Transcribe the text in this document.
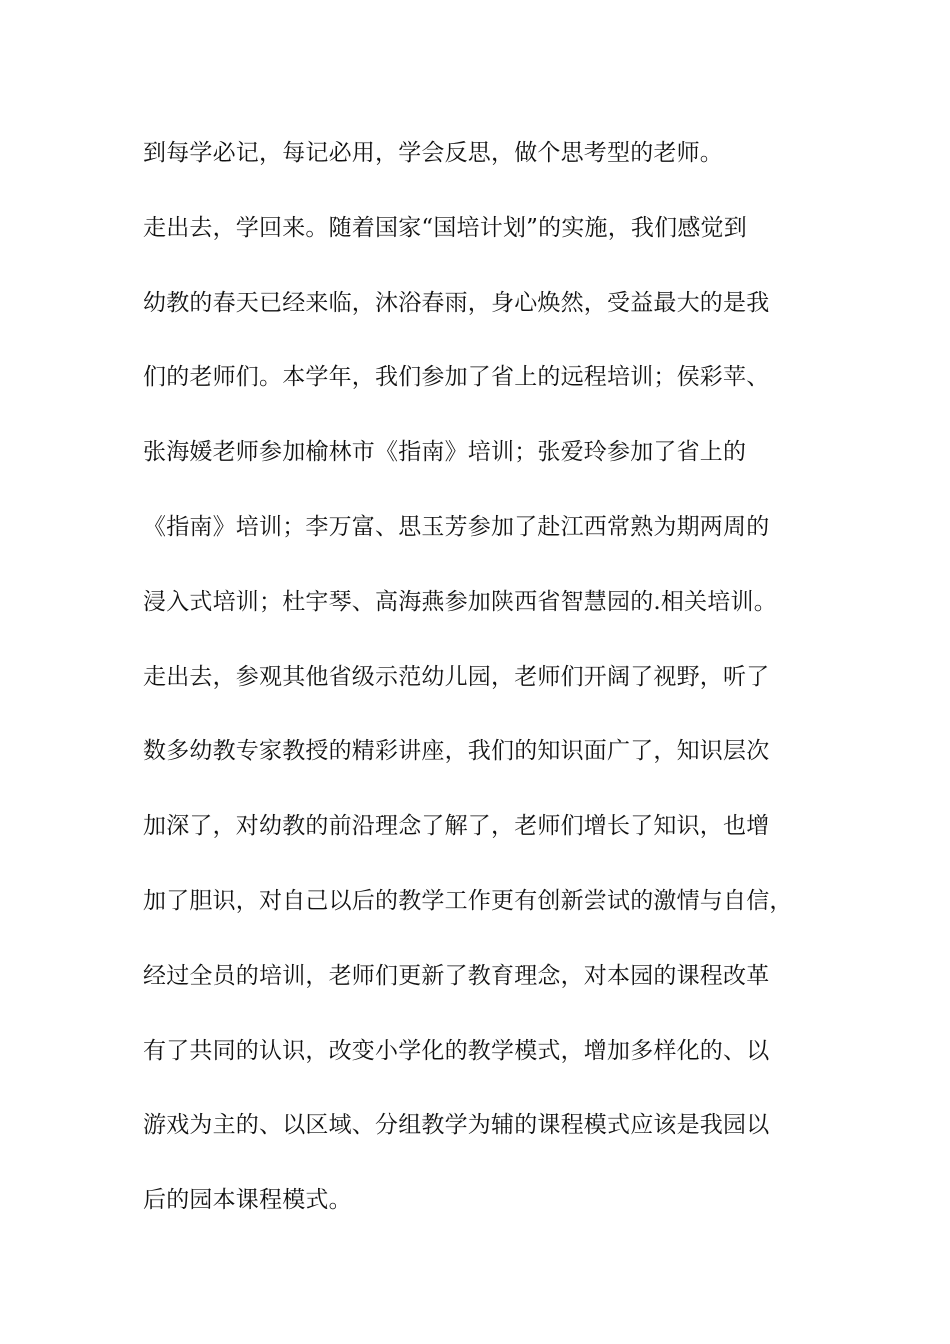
到每学必记，每记必用，学会反思，做个思考型的老师。
走出去，学回来。随着国家“国培计划”的实施，我们感觉到
幼教的春天已经来临，沐浴春雨，身心焕然，受益最大的是我
们的老师们。本学年，我们参加了省上的远程培训；侯彩苹、
张海媛老师参加榆林市《指南》培训；张爱玲参加了省上的
《指南》培训；李万富、思玉芳参加了赴江西常熟为期两周的
浸入式培训；杜宇琴、高海燕参加陕西省智慧园的.相关培训。
走出去，参观其他省级示范幼儿园，老师们开阔了视野，听了
数多幼教专家教授的精彩讲座，我们的知识面广了，知识层次
加深了，对幼教的前沿理念了解了，老师们增长了知识，也增
加了胆识，对自己以后的教学工作更有创新尝试的激情与自信，
经过全员的培训，老师们更新了教育理念，对本园的课程改革
有了共同的认识，改变小学化的教学模式，增加多样化的、以
游戏为主的、以区域、分组教学为辅的课程模式应该是我园以
后的园本课程模式。
